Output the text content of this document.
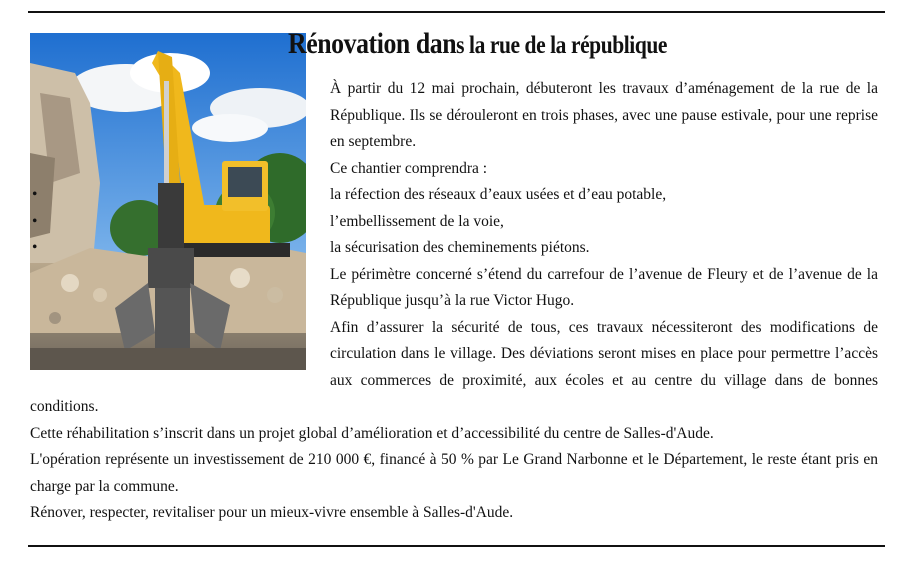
Rénovation dans la rue de la république

À partir du 12 mai prochain, débuteront les travaux d’aménagement de la rue de la République. Ils se dérouleront en trois phases, avec une pause estivale, pour une reprise en septembre.

Ce chantier comprendra :

• la réfection des réseaux d’eaux usées et d’eau potable,
• l’embellissement de la voie,
• la sécurisation des cheminements piétons.

Le périmètre concerné s’étend du carrefour de l’avenue de Fleury et de l’avenue de la République jusqu’à la rue Victor Hugo.

Afin d’assurer la sécurité de tous, ces travaux nécessiteront des modifications de circulation dans le village. Des déviations seront mises en place pour permettre l’accès aux commerces de proximité, aux écoles et au centre du village dans de bonnes conditions.

Cette réhabilitation s’inscrit dans un projet global d’amélioration et d’accessibilité du centre de Salles-d'Aude.

L'opération représente un investissement de 210 000 €, financé à 50 % par Le Grand Narbonne et le Département, le reste étant pris en charge par la commune.

Rénover, respecter, revitaliser pour un mieux-vivre ensemble à Salles-d'Aude.
